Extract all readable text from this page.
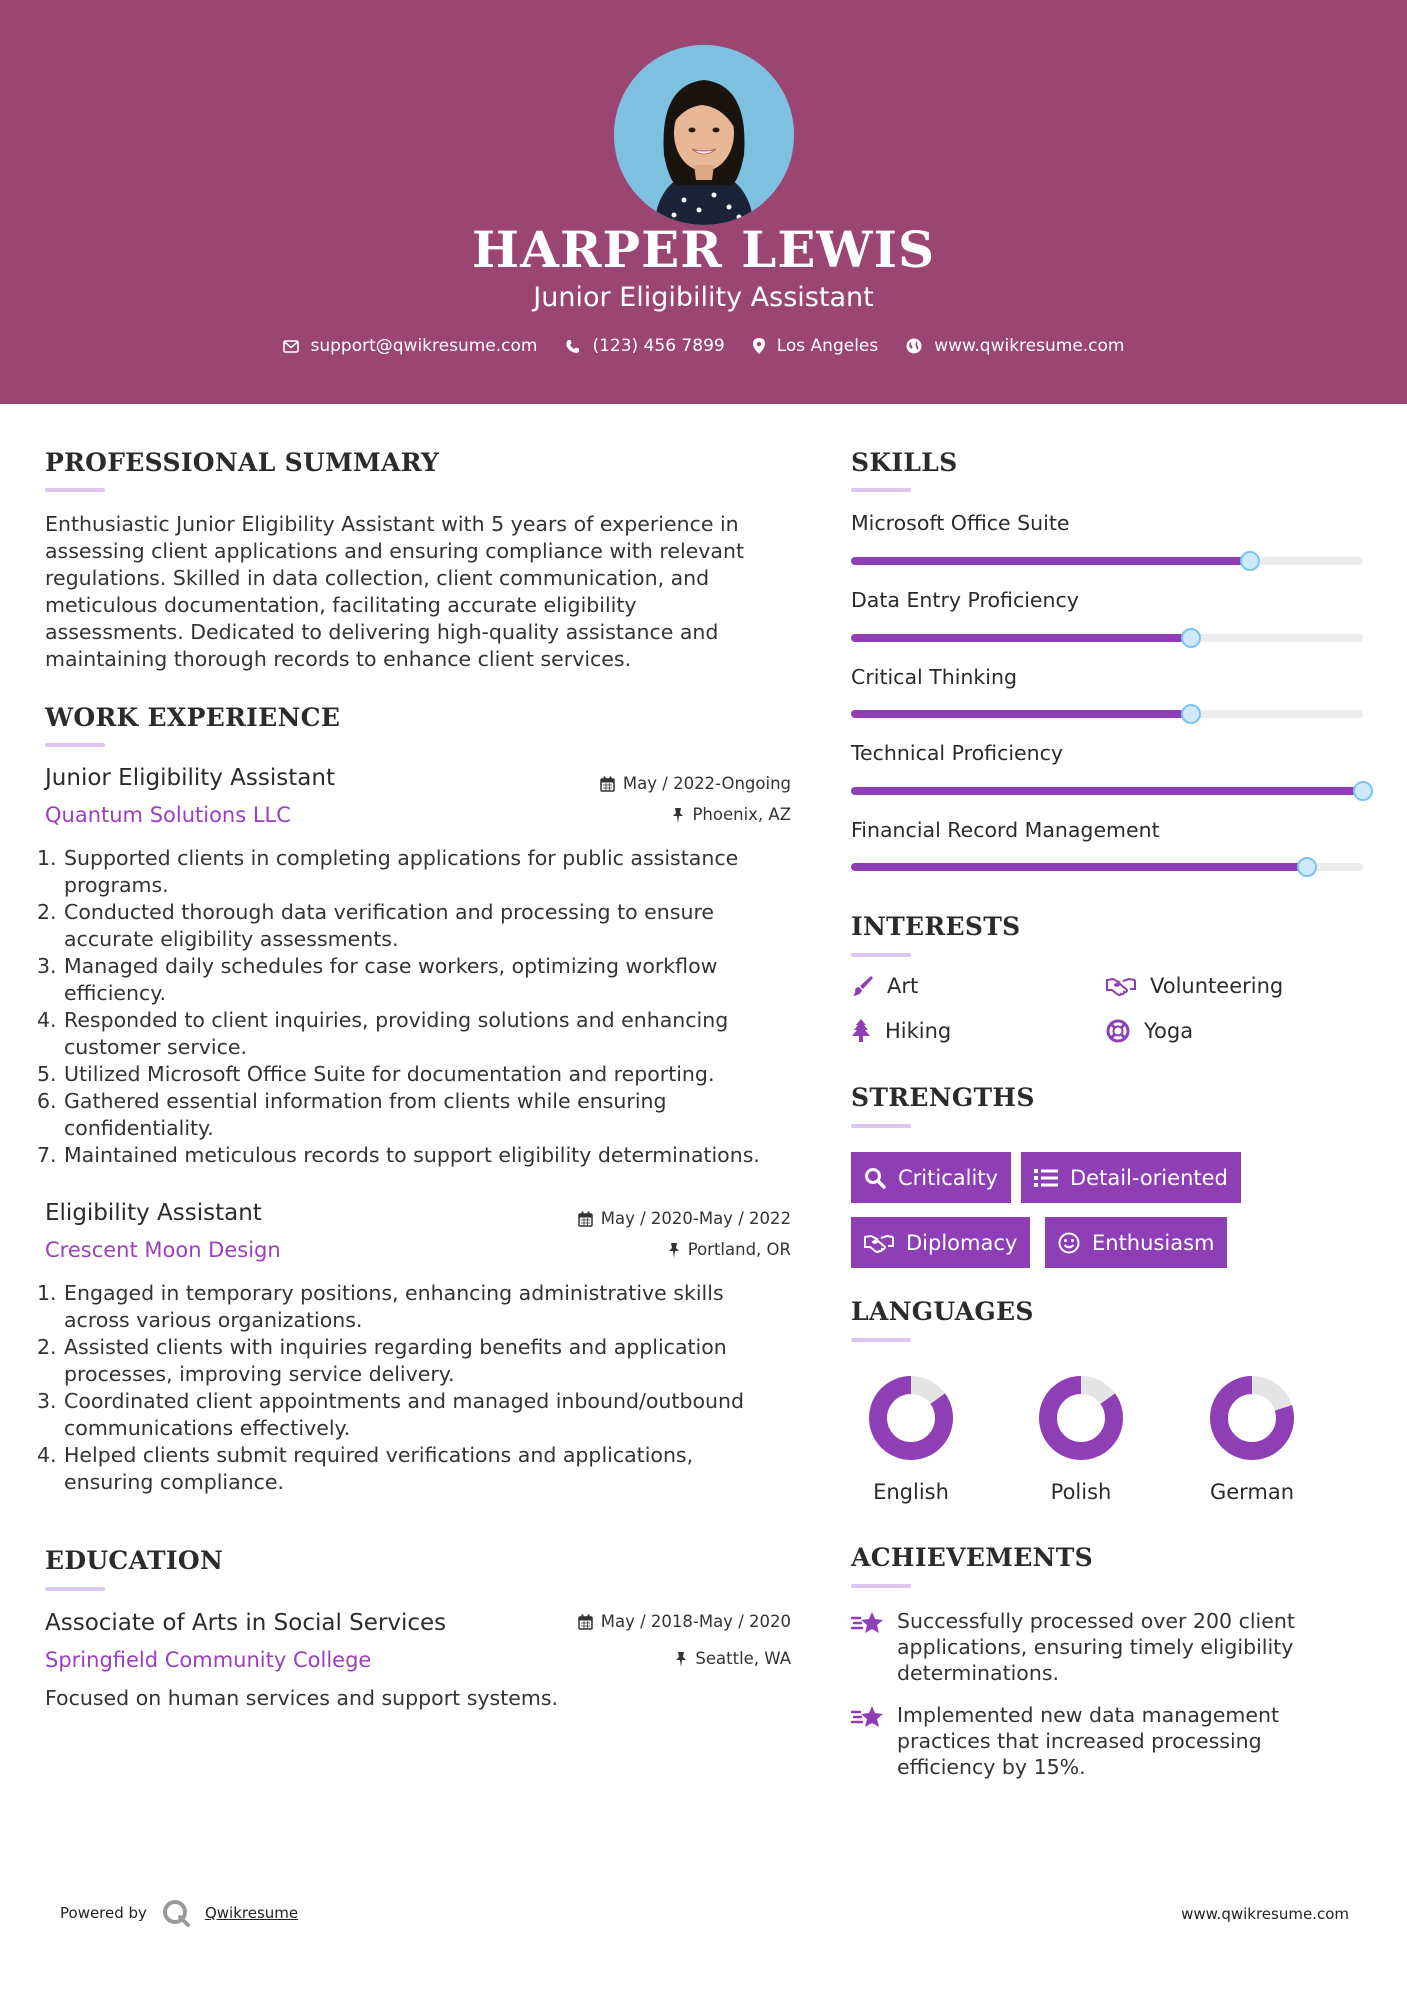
HARPER LEWIS
Junior Eligibility Assistant
support@qwikresume.com	(123) 456 7899	Los Angeles	www.qwikresume.com
PROFESSIONAL SUMMARY
Enthusiastic Junior Eligibility Assistant with 5 years of experience in
assessing client applications and ensuring compliance with relevant
regulations. Skilled in data collection, client communication, and
meticulous documentation, facilitating accurate eligibility
assessments. Dedicated to delivering high-quality assistance and
maintaining thorough records to enhance client services.
WORK EXPERIENCE
Junior Eligibility Assistant
Quantum Solutions LLC
May / 2022-Ongoing
Phoenix, AZ
1. Supported clients in completing applications for public assistance
programs.
2. Conducted thorough data verification and processing to ensure
accurate eligibility assessments.
3. Managed daily schedules for case workers, optimizing workflow
efficiency.
4. Responded to client inquiries, providing solutions and enhancing
customer service.
5. Utilized Microsoft Office Suite for documentation and reporting.
6. Gathered essential information from clients while ensuring
confidentiality.
7. Maintained meticulous records to support eligibility determinations.
Eligibility Assistant
Crescent Moon Design
May / 2020-May / 2022
Portland, OR
1. Engaged in temporary positions, enhancing administrative skills
across various organizations.
2. Assisted clients with inquiries regarding benefits and application
processes, improving service delivery.
3. Coordinated client appointments and managed inbound/outbound
communications effectively.
4. Helped clients submit required verifications and applications,
ensuring compliance.
EDUCATION
Associate of Arts in Social Services
Springfield Community College
May / 2018-May / 2020
Seattle, WA
Focused on human services and support systems.
SKILLS
Microsoft Office Suite
Data Entry Proficiency
Critical Thinking
Technical Proficiency
Financial Record Management
INTERESTS
Art	Volunteering
Hiking	Yoga
STRENGTHS
Criticality	Detail-oriented
Diplomacy	Enthusiasm
LANGUAGES
English	Polish	German
ACHIEVEMENTS
Successfully processed over 200 client
applications, ensuring timely eligibility
determinations.
Implemented new data management
practices that increased processing
efficiency by 15%.
Powered by	Qwikresume	www.qwikresume.com
